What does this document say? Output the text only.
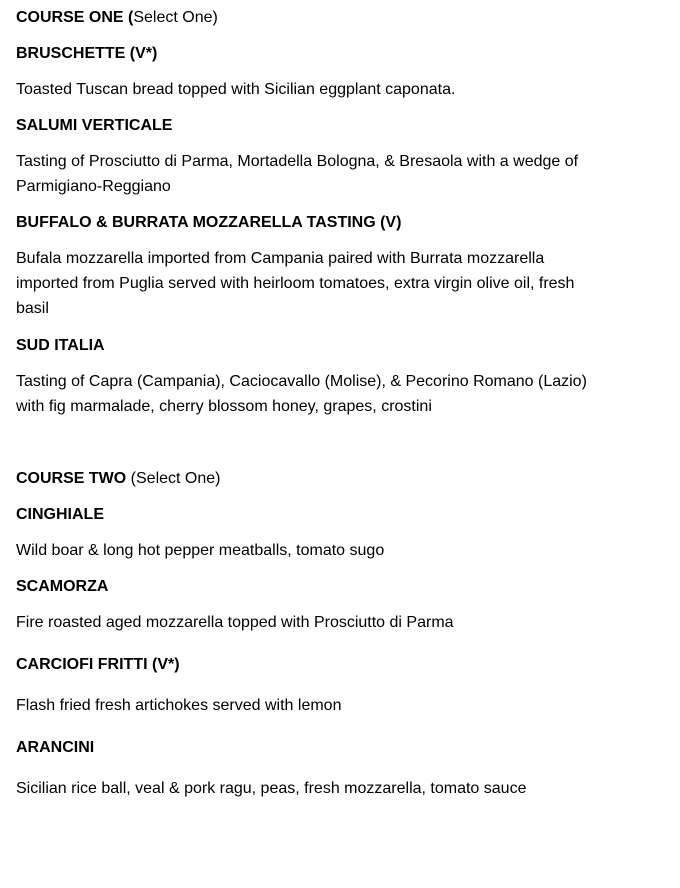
COURSE ONE (Select One)

BRUSCHETTE (V*)

Toasted Tuscan bread topped with Sicilian eggplant caponata.

SALUMI VERTICALE

Tasting of Prosciutto di Parma, Mortadella Bologna, & Bresaola with a wedge of

Parmigiano-Reggiano

BUFFALO & BURRATA MOZZARELLA TASTING (V)

Bufala mozzarella imported from Campania paired with Burrata mozzarella

imported from Puglia served with heirloom tomatoes, extra virgin olive oil, fresh

basil

SUD ITALIA

Tasting of Capra (Campania), Caciocavallo (Molise), & Pecorino Romano (Lazio)

with fig marmalade, cherry blossom honey, grapes, crostini

COURSE TWO (Select One)

CINGHIALE

Wild boar & long hot pepper meatballs, tomato sugo

SCAMORZA

Fire roasted aged mozzarella topped with Prosciutto di Parma

CARCIOFI FRITTI (V*)

Flash fried fresh artichokes served with lemon

ARANCINI

Sicilian rice ball, veal & pork ragu, peas, fresh mozzarella, tomato sauce
